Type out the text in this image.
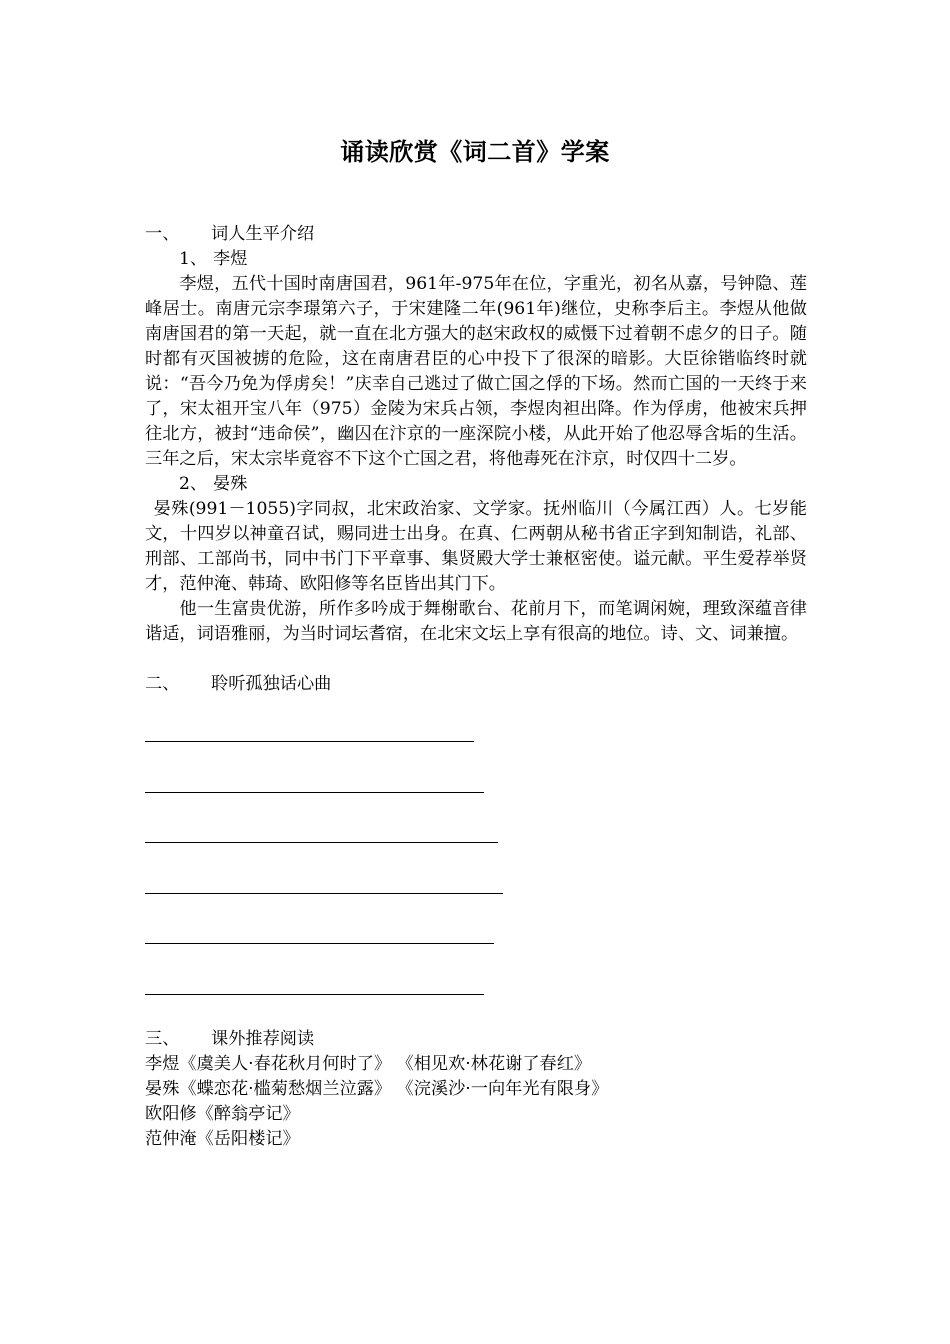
诵读欣赏《词二首》学案
一、 词人生平介绍
1、 李煜

李煜，五代十国时南唐国君，961年-975年在位，字重光，初名从嘉，号钟隐、莲峰居士。南唐元宗李璟第六子，于宋建隆二年(961年)继位，史称李后主。李煜从他做南唐国君的第一天起，就一直在北方强大的赵宋政权的威慑下过着朝不虑夕的日子。随时都有灭国被掳的危险，这在南唐君臣的心中投下了很深的暗影。大臣徐锴临终时就说：“吾今乃免为俘虏矣！”庆幸自己逃过了做亡国之俘的下场。然而亡国的一天终于来了，宋太祖开宝八年（975）金陵为宋兵占领，李煜肉袒出降。作为俘虏，他被宋兵押往北方，被封“违命侯”，幽囚在汴京的一座深院小楼，从此开始了他忍辱含垢的生活。三年之后，宋太宗毕竟容不下这个亡国之君，将他毒死在汴京，时仅四十二岁。

2、 晏殊

晏殊(991－1055)字同叔，北宋政治家、文学家。抚州临川（今属江西）人。七岁能文，十四岁以神童召试，赐同进士出身。在真、仁两朝从秘书省正字到知制诰，礼部、刑部、工部尚书，同中书门下平章事、集贤殿大学士兼枢密使。谥元献。平生爱荐举贤才，范仲淹、韩琦、欧阳修等名臣皆出其门下。

他一生富贵优游，所作多吟成于舞榭歌台、花前月下，而笔调闲婉，理致深蕴音律谐适，词语雅丽，为当时词坛耆宿，在北宋文坛上享有很高的地位。诗、文、词兼擅。

二、 聆听孤独话心曲
三、 课外推荐阅读
李煜《虞美人·春花秋月何时了》 《相见欢·林花谢了春红》
晏殊《蝶恋花·槛菊愁烟兰泣露》 《浣溪沙·一向年光有限身》
欧阳修《醉翁亭记》
范仲淹《岳阳楼记》
